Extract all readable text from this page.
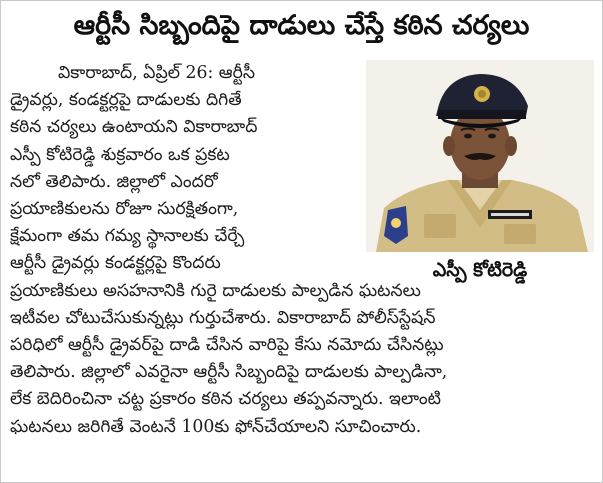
ఆర్టీసీ సిబ్బందిపై దాడులు చేస్తే కఠిన చర్యలు
వికారాబాద్, ఏప్రిల్ 26: ఆర్టీసీ
డ్రైవర్లు, కండక్టర్లపై దాడులకు దిగితే
కఠిన చర్యలు ఉంటాయని వికారాబాద్
ఎస్పీ కోటిరెడ్డి శుక్రవారం ఒక ప్రకట
నలో తెలిపారు. జిల్లాలో ఎందరో
ప్రయాణికులను రోజూ సురక్షితంగా,
క్షేమంగా తమ గమ్య స్థానాలకు చేర్చే
ఆర్టీసీ డ్రైవర్లు కండక్టర్లపై కొందరు
ప్రయాణికులు అసహనానికి గురై దాడులకు పాల్పడిన ఘటనలు
ఇటీవల చోటుచేసుకున్నట్లు గుర్తుచేశారు. వికారాబాద్ పోలీస్‌స్టేషన్
పరిధిలో ఆర్టీసీ డ్రైవర్‌పై దాడి చేసిన వారిపై కేసు నమోదు చేసినట్లు
తెలిపారు. జిల్లాలో ఎవరైనా ఆర్టీసీ సిబ్బందిపై దాడులకు పాల్పడినా,
లేక బెదిరించినా చట్ట ప్రకారం కఠిన చర్యలు తప్పవన్నారు. ఇలాంటి
ఘటనలు జరిగితే వెంటనే 100కు ఫోన్‌చేయాలని సూచించారు.
ఎస్పీ కోటిరెడ్డి
